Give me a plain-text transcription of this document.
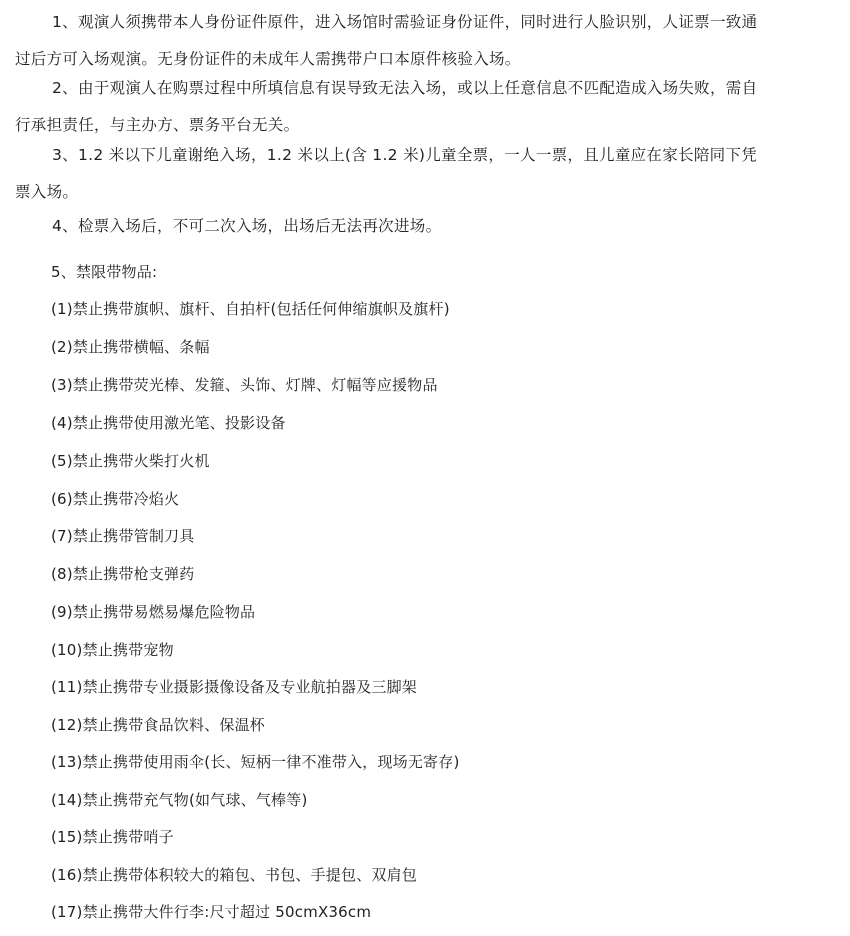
1、观演人须携带本人身份证件原件，进入场馆时需验证身份证件，同时进行人脸识别，人证票一致通
过后方可入场观演。无身份证件的未成年人需携带户口本原件核验入场。

2、由于观演人在购票过程中所填信息有误导致无法入场，或以上任意信息不匹配造成入场失败，需自
行承担责任，与主办方、票务平台无关。

3、1.2 米以下儿童谢绝入场，1.2 米以上(含 1.2 米)儿童全票，一人一票，且儿童应在家长陪同下凭
票入场。

4、检票入场后，不可二次入场，出场后无法再次进场。

5、禁限带物品:

(1)禁止携带旗帜、旗杆、自拍杆(包括任何伸缩旗帜及旗杆)

(2)禁止携带横幅、条幅

(3)禁止携带荧光棒、发箍、头饰、灯牌、灯幅等应援物品

(4)禁止携带使用激光笔、投影设备

(5)禁止携带火柴打火机

(6)禁止携带冷焰火

(7)禁止携带管制刀具

(8)禁止携带枪支弹药

(9)禁止携带易燃易爆危险物品

(10)禁止携带宠物

(11)禁止携带专业摄影摄像设备及专业航拍器及三脚架

(12)禁止携带食品饮料、保温杯

(13)禁止携带使用雨伞(长、短柄一律不准带入，现场无寄存)

(14)禁止携带充气物(如气球、气棒等)

(15)禁止携带哨子

(16)禁止携带体积较大的箱包、书包、手提包、双肩包

(17)禁止携带大件行李:尺寸超过 50cmX36cm
